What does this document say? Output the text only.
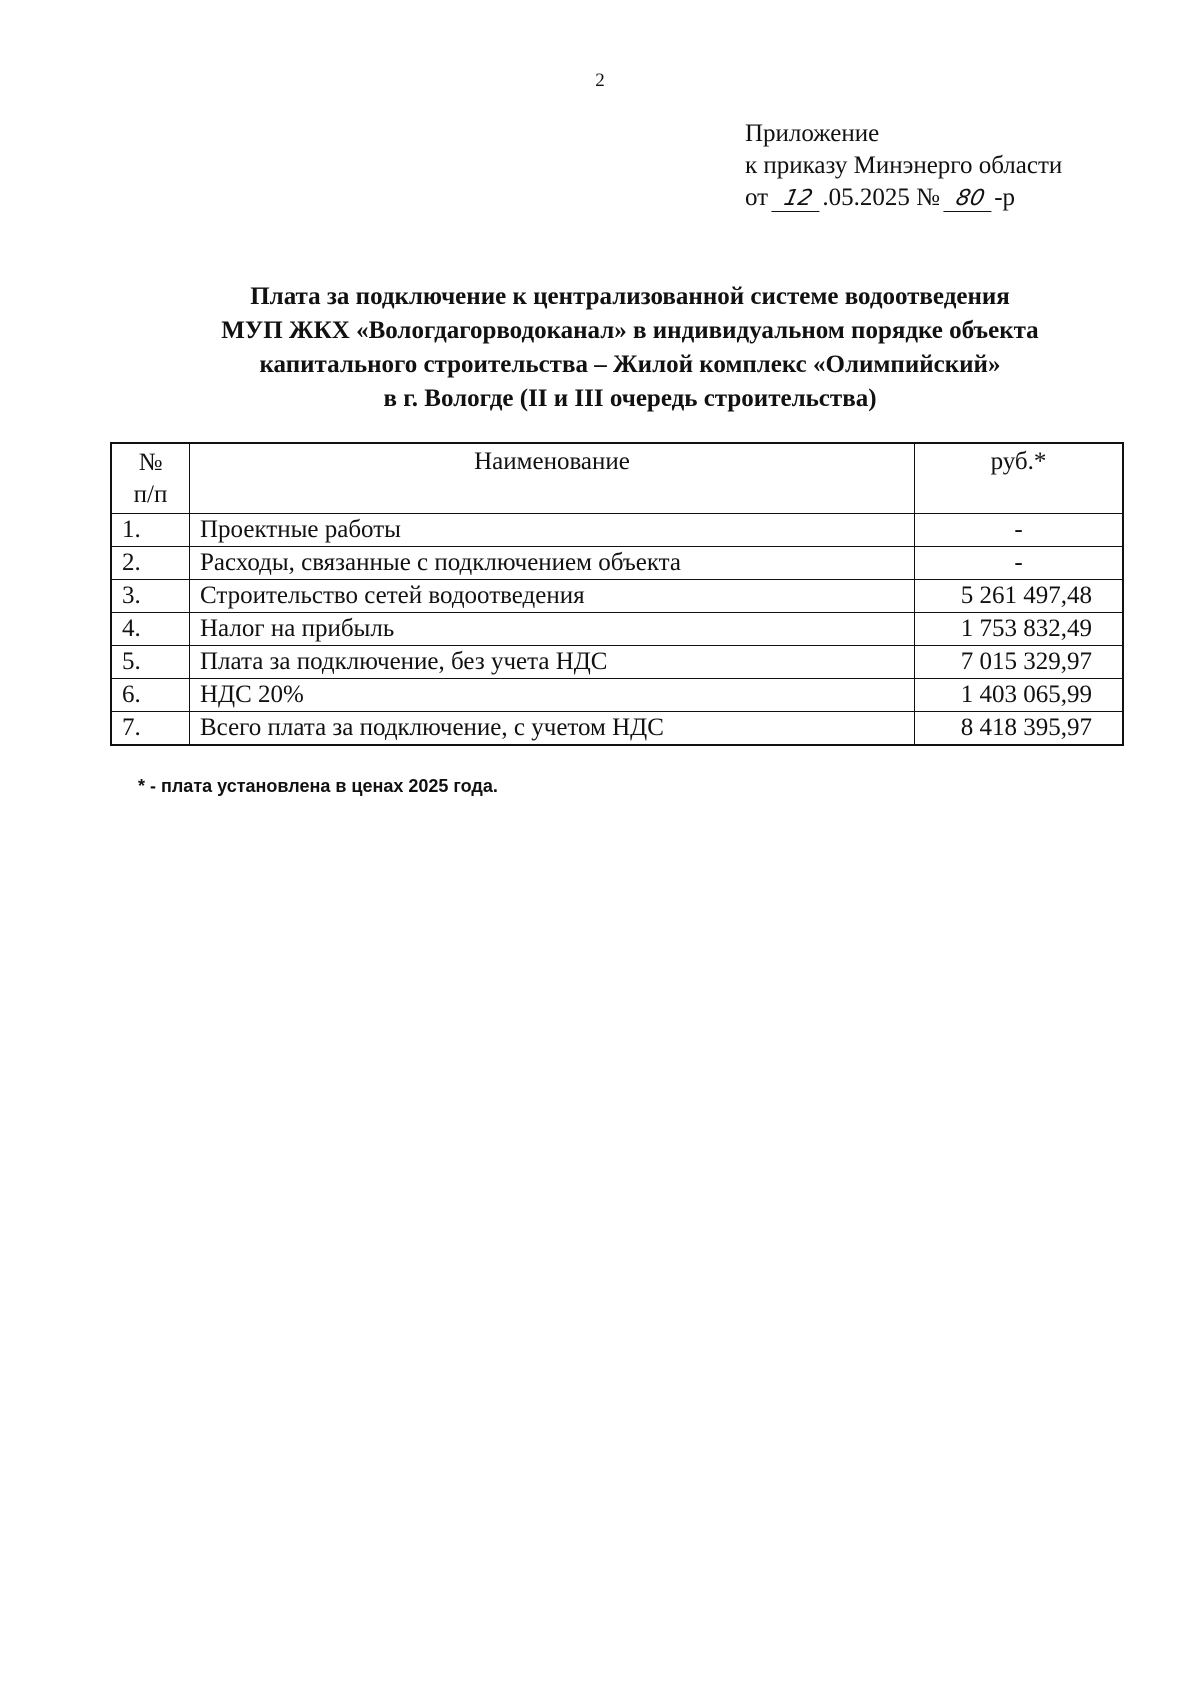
2
Приложение
к приказу Минэнерго области
от 12 .05.2025 № 80 -р
Плата за подключение к централизованной системе водоотведения
МУП ЖКХ «Вологдагорводоканал» в индивидуальном порядке объекта
капитального строительства – Жилой комплекс «Олимпийский»
в г. Вологде (II и III очередь строительства)
№
п/п	Наименование	руб.*
1.	Проектные работы	-
2.	Расходы, связанные с подключением объекта	-
3.	Строительство сетей водоотведения	5 261 497,48
4.	Налог на прибыль	1 753 832,49
5.	Плата за подключение, без учета НДС	7 015 329,97
6.	НДС 20%	1 403 065,99
7.	Всего плата за подключение, с учетом НДС	8 418 395,97
* - плата установлена в ценах 2025 года.
